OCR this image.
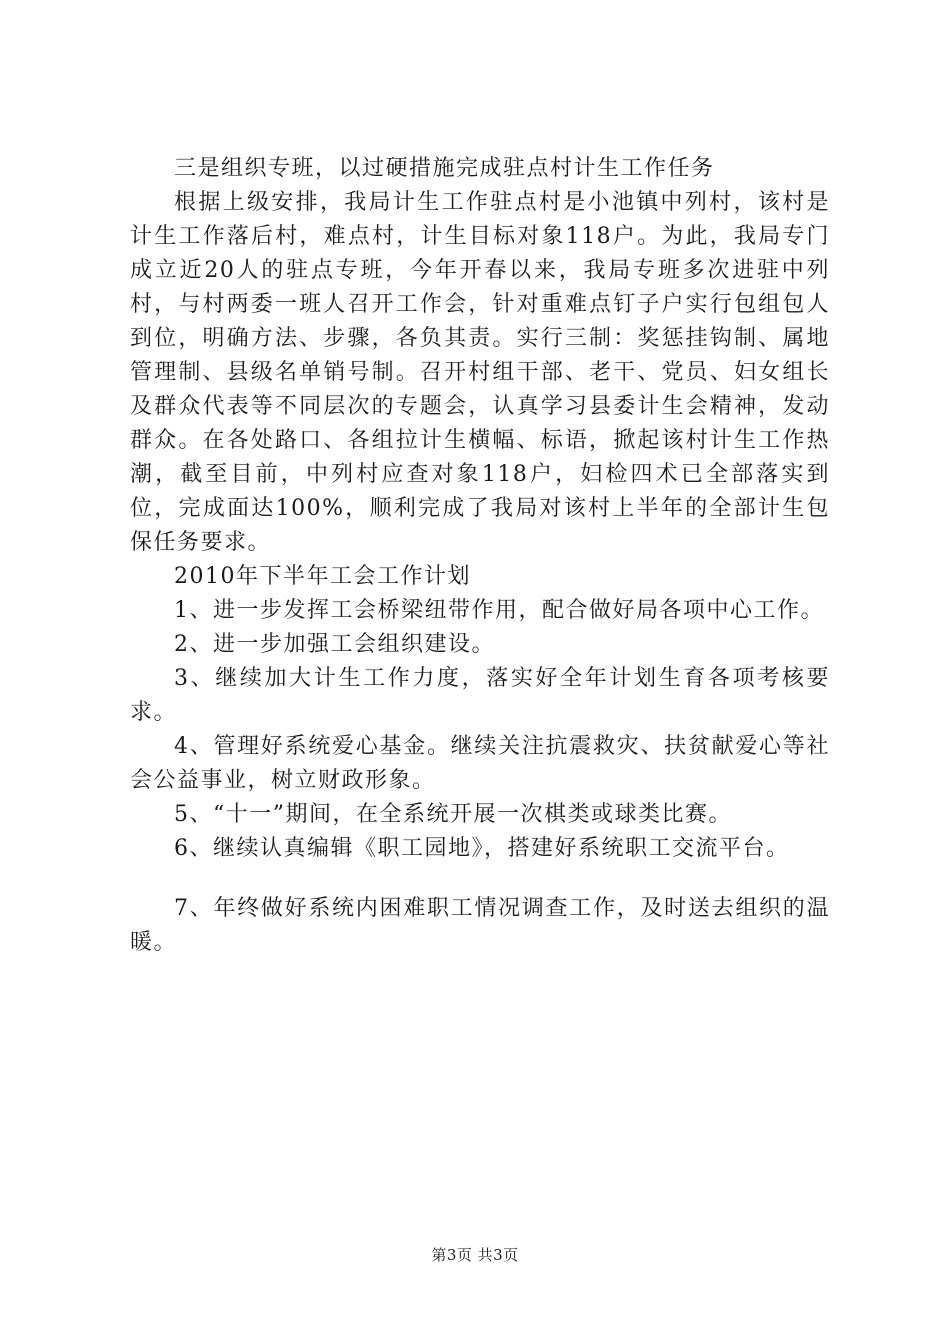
三是组织专班，以过硬措施完成驻点村计生工作任务

根据上级安排，我局计生工作驻点村是小池镇中列村，该村是计生工作落后村，难点村，计生目标对象118户。为此，我局专门成立近20人的驻点专班，今年开春以来，我局专班多次进驻中列村，与村两委一班人召开工作会，针对重难点钉子户实行包组包人到位，明确方法、步骤，各负其责。实行三制：奖惩挂钩制、属地管理制、县级名单销号制。召开村组干部、老干、党员、妇女组长及群众代表等不同层次的专题会，认真学习县委计生会精神，发动群众。在各处路口、各组拉计生横幅、标语，掀起该村计生工作热潮，截至目前，中列村应查对象118户，妇检四术已全部落实到位，完成面达100%，顺利完成了我局对该村上半年的全部计生包保任务要求。

2010年下半年工会工作计划

1、进一步发挥工会桥梁纽带作用，配合做好局各项中心工作。

2、进一步加强工会组织建设。

3、继续加大计生工作力度，落实好全年计划生育各项考核要求。

4、管理好系统爱心基金。继续关注抗震救灾、扶贫献爱心等社会公益事业，树立财政形象。

5、“十一”期间，在全系统开展一次棋类或球类比赛。

6、继续认真编辑《职工园地》，搭建好系统职工交流平台。

7、年终做好系统内困难职工情况调查工作，及时送去组织的温暖。

第3页 共3页
